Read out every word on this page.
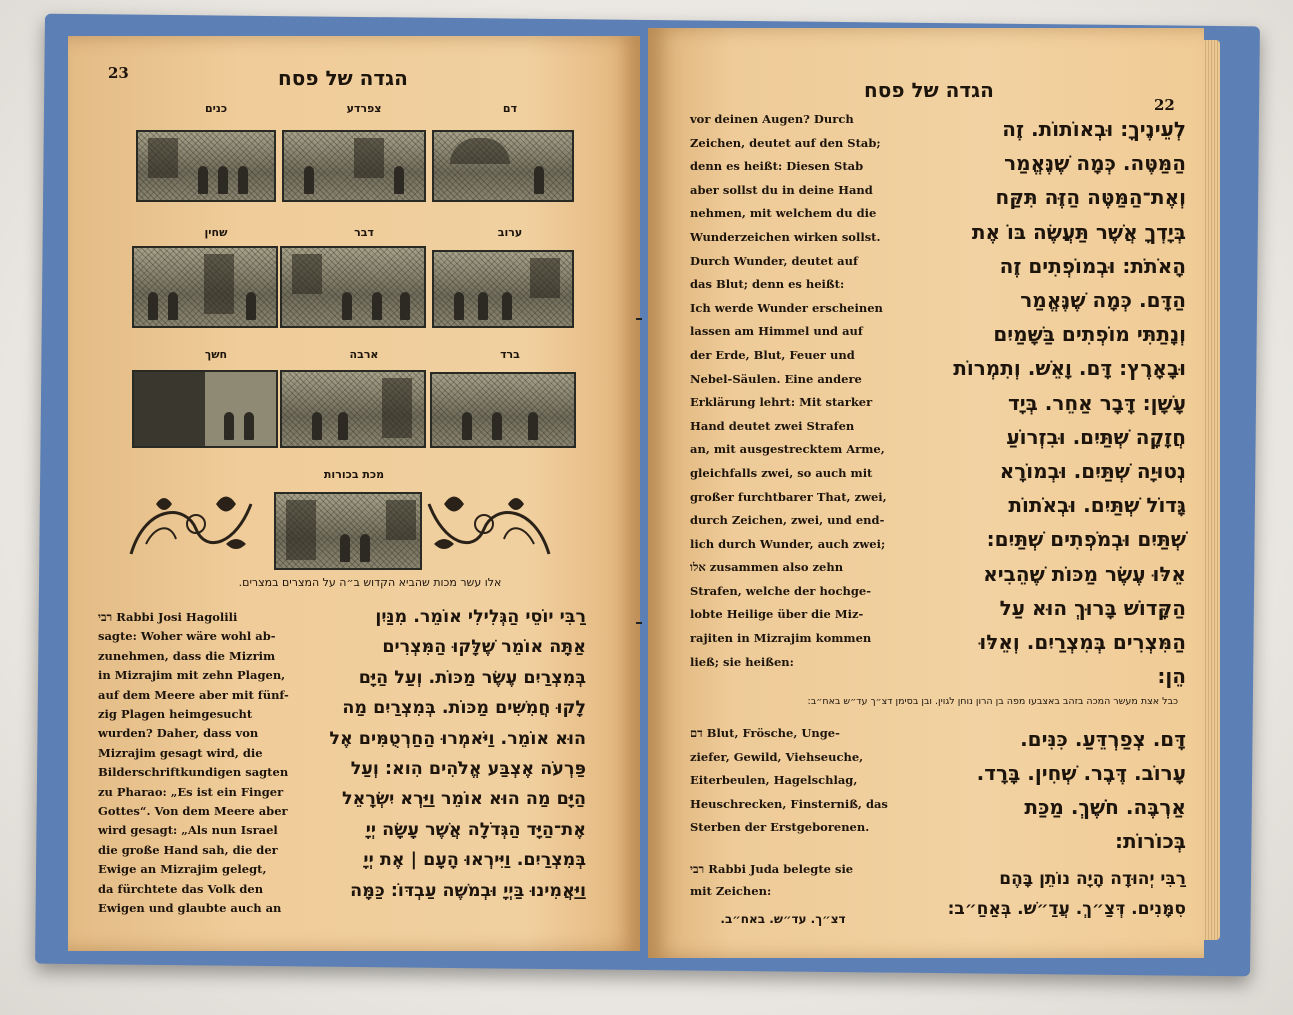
23	הגדה של פסח
כנים	צפרדע	דם
שחין	דבר	ערוב
חשך	ארבה	ברד
מכת בכורות
אלו עשר מכות שהביא הקדוש ב״ה על המצרים במצרים.
רַבִּי יוֹסֵי הַגְּלִילִי אוֹמֵר. מִנַּיִן
אַתָּה אוֹמֵר שֶׁלָּקוּ הַמִּצְרִים
בְּמִצְרַיִם עֶשֶׂר מַכּוֹת. וְעַל הַיָּם
לָקוּ חֲמִשִּׁים מַכּוֹת. בְּמִצְרַיִם מַה
הוּא אוֹמֵר. וַיֹּאמְרוּ הַחַרְטֻמִּים אֶל
פַּרְעֹה אֶצְבַּע אֱלֹהִים הִוא: וְעַל
הַיָּם מַה הוּא אוֹמֵר וַיַּרְא יִשְׂרָאֵל
אֶת־הַיָּד הַגְּדֹלָה אֲשֶׁר עָשָׂה יְיָ
בְּמִצְרַיִם. וַיִּירְאוּ הָעָם | אֶת יְיָ
וַיַּאֲמִינוּ בַּיְיָ וּבְמשֶׁה עַבְדּוֹ: כַּמָּה
רבי Rabbi Josi Hagolili
sagte: Woher wäre wohl ab-
zunehmen, dass die Mizrim
in Mizrajim mit zehn Plagen,
auf dem Meere aber mit fünf-
zig Plagen heimgesucht
wurden? Daher, dass von
Mizrajim gesagt wird, die
Bilderschriftkundigen sagten
zu Pharao: „Es ist ein Finger
Gottes“. Von dem Meere aber
wird gesagt: „Als nun Israel
die große Hand sah, die der
Ewige an Mizrajim gelegt,
da fürchtete das Volk den
Ewigen und glaubte auch an
הגדה של פסח
22
vor deinen Augen? Durch
Zeichen, deutet auf den Stab;
denn es heißt: Diesen Stab
aber sollst du in deine Hand
nehmen, mit welchem du die
Wunderzeichen wirken sollst.
Durch Wunder, deutet auf
das Blut; denn es heißt:
Ich werde Wunder erscheinen
lassen am Himmel und auf
der Erde, Blut, Feuer und
Nebel-Säulen. Eine andere
Erklärung lehrt: Mit starker
Hand deutet zwei Strafen
an, mit ausgestrecktem Arme,
gleichfalls zwei, so auch mit
großer furchtbarer That, zwei,
durch Zeichen, zwei, und end-
lich durch Wunder, auch zwei;
אלו zusammen also zehn
Strafen, welche der hochge-
lobte Heilige über die Miz-
rajiten in Mizrajim kommen
ließ; sie heißen:
לְעֵינֶיךָ: וּבְאוֹתוֹת. זֶה
הַמַּטֶּה. כְּמָה שֶׁנֶּאֱמַר
וְאֶת־הַמַּטֶּה הַזֶּה תִּקַּח
בְּיָדְךָ אֲשֶׁר תַּעֲשֶׂה בּוֹ אֶת
הָאֹתֹת: וּבְמוֹפְתִים זֶה
הַדָּם. כְּמָה שֶׁנֶּאֱמַר
וְנָתַתִּי מוֹפְתִים בַּשָּׁמַיִם
וּבָאָרֶץ: דָּם. וָאֵשׁ. וְתִמְרוֹת
עָשָׁן: דָּבָר אַחֵר. בְּיָד
חֲזָקָה שְׁתַּיִם. וּבִזְרוֹעַ
נְטוּיָה שְׁתַּיִם. וּבְמוֹרָא
גָּדוֹל שְׁתַּיִם. וּבְאֹתוֹת
שְׁתַּיִם וּבְמֹפְתִים שְׁתַּיִם:
אֵלּוּ עֶשֶׂר מַכּוֹת שֶׁהֵבִיא
הַקָּדוֹשׁ בָּרוּךְ הוּא עַל
הַמִּצְרִים בְּמִצְרַיִם. וְאֵלּוּ
הֵן:
כבל אצת מעשר המכה בזהב באצבעו מפה בן הרון נוחן לגוין. ובן בסימן דצ״ך עד״ש באח״ב:
דם Blut, Frösche, Unge-
ziefer, Gewild, Viehseuche,
Eiterbeulen, Hagelschlag,
Heuschrecken, Finsterniß, das
Sterben der Erstgeborenen.
דָּם. צְפַרְדֵּעַ. כִּנִּים.
עָרוֹב. דֶּבֶר. שְׁחִין. בָּרָד.
אַרְבֶּה. חֹשֶׁךְ. מַכַּת
בְּכוֹרוֹת:
רבי Rabbi Juda belegte sie
mit Zeichen:
דצ״ך. עד״ש. באח״ב.
רַבִּי יְהוּדָה הָיָה נוֹתֵן בָּהֶם
סִמָּנִים. דְּצַ״ךְ. עֲדַ״שׁ. בְּאַחַ״ב:
